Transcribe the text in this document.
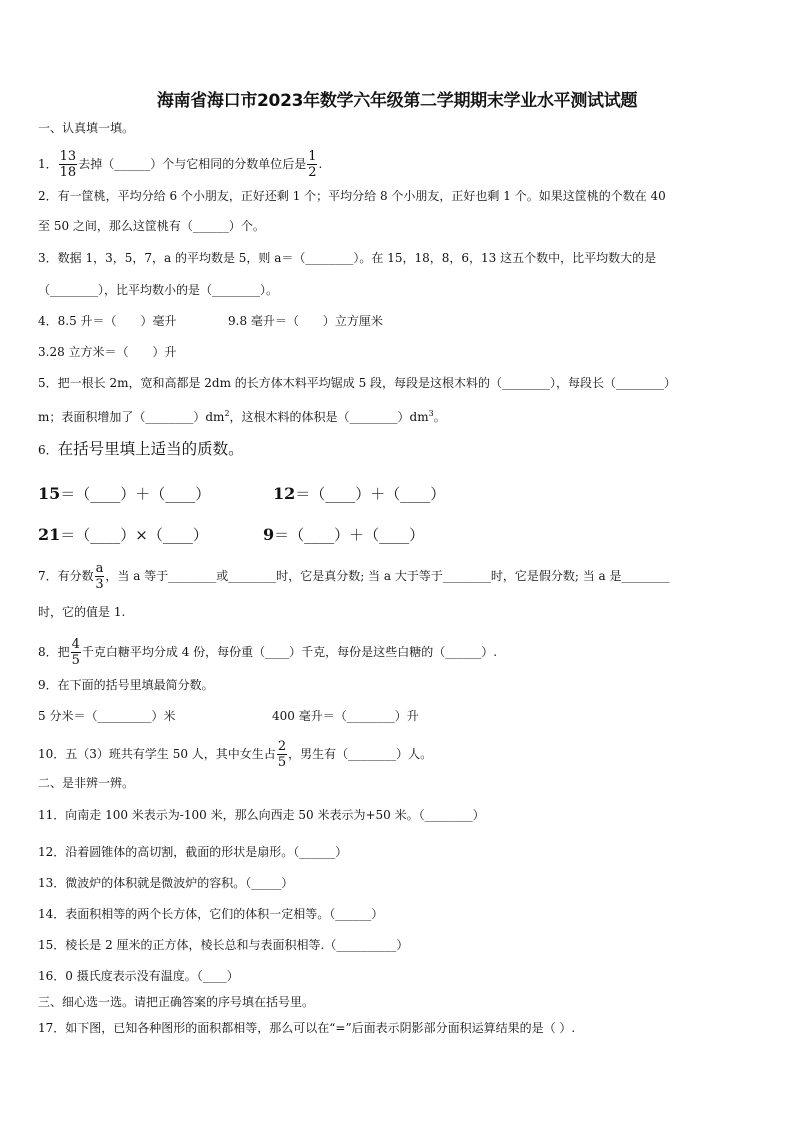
海南省海口市2023年数学六年级第二学期期末学业水平测试试题
一、认真填一填。
1． $\frac{13}{18}$ 去掉（______）个与它相同的分数单位后是 $\frac{1}{2}$ .
2．有一筐桃，平均分给 6 个小朋友，正好还剩 1 个；平均分给 8 个小朋友，正好也剩 1 个。如果这筐桃的个数在 40
至 50 之间，那么这筐桃有（______）个。
3．数据 1，3，5，7，a 的平均数是 5，则 a＝（________）。在 15，18，8，6，13 这五个数中，比平均数大的是
（________），比平均数小的是（________）。
4．8.5 升＝（　　）毫升	9.8 毫升＝（　　）立方厘米
3.28 立方米＝（　　）升
5．把一根长 2m，宽和高都是 2dm 的长方体木料平均锯成 5 段，每段是这根木料的（________），每段长（________）
m；表面积增加了$(\_\_\_\_\_\_\_\_)dm^2$，这根木料的体积是$(\_\_\_\_\_\_\_\_)dm^3$。
6．在括号里填上适当的质数。
15＝（____）＋（____）	12＝（____）＋（____）
21＝（____）×（____）	9＝（____）＋（____）
7．有分数 $\frac{a}{3}$ ，当 a 等于________或________时，它是真分数; 当 a 大于等于________时，它是假分数; 当 a 是________
时，它的值是 1.
8．把 $\frac{4}{5}$ 千克白糖平均分成 4 份，每份重（____）千克，每份是这些白糖的（______）.
9．在下面的括号里填最简分数。
5 分米＝（_________）米	400 毫升＝（________）升
10．五（3）班共有学生 50 人，其中女生占 $\frac{2}{5}$ ，男生有（________）人。
二、是非辨一辨。
11．向南走 100 米表示为-100 米，那么向西走 50 米表示为+50 米。（________）
12．沿着圆锥体的高切割，截面的形状是扇形。（______）
13．微波炉的体积就是微波炉的容积。（_____）
14．表面积相等的两个长方体，它们的体积一定相等。（______）
15．棱长是 2 厘米的正方体，棱长总和与表面积相等.（__________）
16．0 摄氏度表示没有温度。（____）
三、细心选一选。请把正确答案的序号填在括号里。
17．如下图，已知各种图形的面积都相等，那么可以在“=”后面表示阴影部分面积运算结果的是（ ）.
